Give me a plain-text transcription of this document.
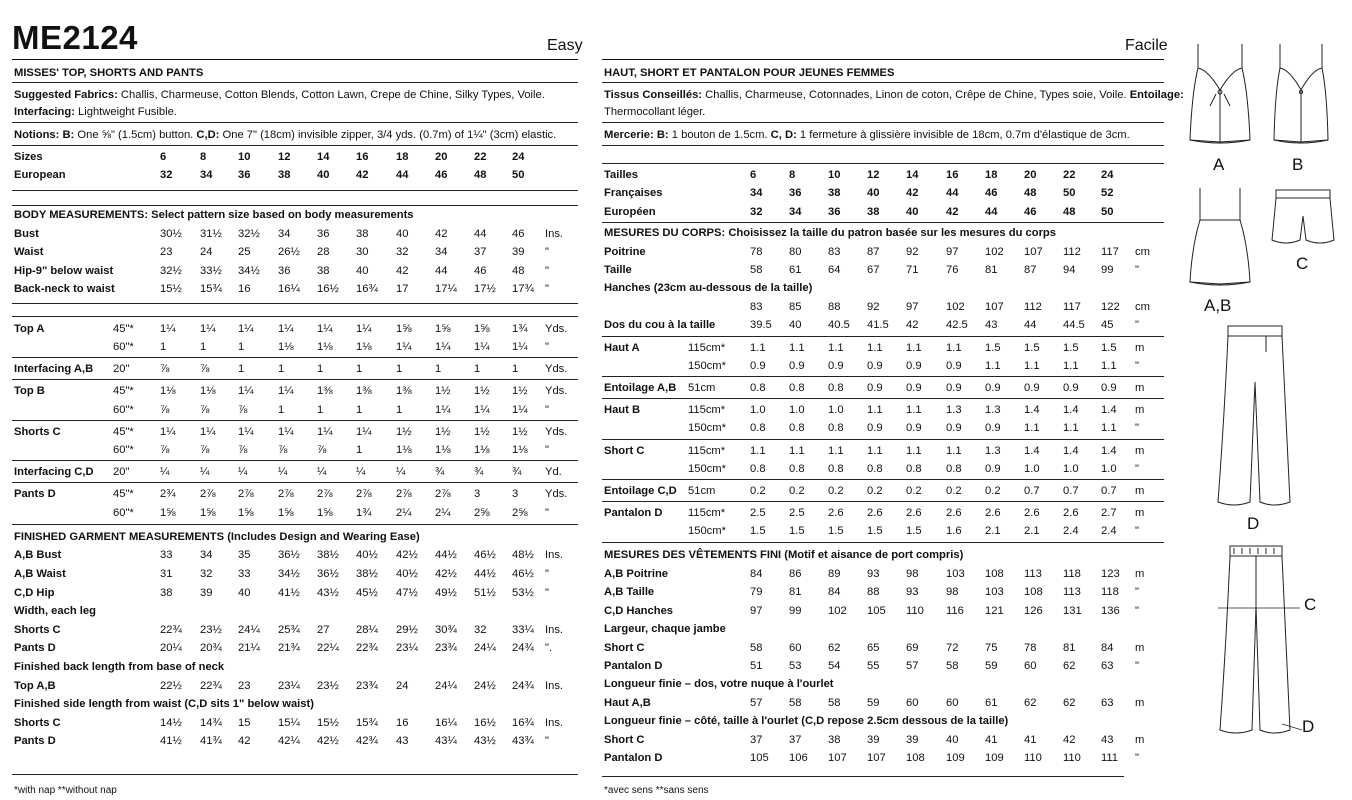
ME2124	Easy
MISSES' TOP, SHORTS AND PANTS
Suggested Fabrics: Challis, Charmeuse, Cotton Blends, Cotton Lawn, Crepe de Chine, Silky Types, Voile.
Interfacing: Lightweight Fusible.
Notions: B: One ⅝" (1.5cm) button. C,D: One 7" (18cm) invisible zipper, 3/4 yds. (0.7m) of 1¼" (3cm) elastic.
Sizes	6	8	10 12 14 16 18 20 22 24
European	32 34 36 38 40 42 44 46 48 50
BODY MEASUREMENTS: Select pattern size based on body measurements
Bust	30½ 31½ 32½ 34 36 38 40 42 44 46 Ins.
Waist	23 24 25 26½ 28 30 32 34 37 39 "
Hip-9" below waist	32½ 33½ 34½ 36 38 40 42 44 46 48 "
Back-neck to waist	15½ 15¾ 16 16¼ 16½ 16¾ 17 17¼ 17½ 17¾ "
Top A	45"* 1¼ 1¼ 1¼ 1¼ 1¼ 1¼ 1⅝ 1⅝ 1⅝ 1¾ Yds.
60"* 1	1	1	1⅛ 1⅛ 1⅛ 1¼ 1¼ 1¼ 1¼ "
Interfacing A,B 20"	⅞	⅞	1	1	1	1	1	1	1	1 Yds.
Top B	45"* 1⅛ 1⅛ 1¼ 1¼ 1⅜ 1⅜ 1⅜ 1½ 1½ 1½ Yds.
60"* ⅞	⅞	⅞	1	1	1	1	1¼ 1¼ 1¼ "
Shorts C	45"* 1¼ 1¼ 1¼ 1¼ 1¼ 1¼ 1½ 1½ 1½ 1½ Yds.
60"* ⅞	⅞	⅞	⅞	⅞	1	1⅛ 1⅛ 1⅛ 1⅛ "
Interfacing C,D 20"	¼	¼	¼	¼	¼	¼	¼	¾	¾	¾ Yd.
Pants D	45"* 2¾ 2⅞ 2⅞ 2⅞ 2⅞ 2⅞ 2⅞ 2⅞ 3	3 Yds.
60"* 1⅝ 1⅝ 1⅝ 1⅝ 1⅝ 1¾ 2¼ 2¼ 2⅝ 2⅝ "
FINISHED GARMENT MEASUREMENTS (Includes Design and Wearing Ease)
A,B Bust	33 34 35 36½ 38½ 40½ 42½ 44½ 46½ 48½ Ins.
A,B Waist	31 32 33 34½ 36½ 38½ 40½ 42½ 44½ 46½ "
C,D Hip	38 39 40 41½ 43½ 45½ 47½ 49½ 51½ 53½ "
Width, each leg
Shorts C	22¾ 23½ 24¼ 25¾ 27 28¼ 29½ 30¾ 32 33¼ Ins.
Pants D	20¼ 20¾ 21¼ 21¾ 22¼ 22¾ 23¼ 23¾ 24¼ 24¾ ".
Finished back length from base of neck
Top A,B	22½ 22¾ 23 23¼ 23½ 23¾ 24 24¼ 24½ 24¾ Ins.
Finished side length from waist (C,D sits 1" below waist)
Shorts C	14½ 14¾ 15 15¼ 15½ 15¾ 16 16¼ 16½ 16¾ Ins.
Pants D	41½ 41¾ 42 42¼ 42½ 42¾ 43 43¼ 43½ 43¾ "
*with nap **without nap
Facile
HAUT, SHORT ET PANTALON POUR JEUNES FEMMES
Tissus Conseillés: Challis, Charmeuse, Cotonnades, Linon de coton, Crêpe de Chine, Types soie, Voile. Entoilage:
Thermocollant léger.
Mercerie: B: 1 bouton de 1.5cm. C, D: 1 fermeture à glissière invisible de 18cm, 0.7m d'élastique de 3cm.
Tailles	6	8	10 12 14 16 18 20 22 24
Françaises	34 36 38 40 42 44 46 48 50 52
Européen	32 34 36 38 40 42 44 46 48 50
MESURES DU CORPS: Choisissez la taille du patron basée sur les mesures du corps
Poitrine	78 80 83 87 92 97 102 107 112 117 cm
Taille	58 61 64 67 71 76 81 87 94 99 "
Hanches (23cm au-dessous de la taille)
83 85 88 92 97 102 107 112 117 122 cm
Dos du cou à la taille	39.5 40 40.5 41.5 42 42.5 43 44 44.5 45 "
Haut A	115cm* 1.1 1.1 1.1 1.1 1.1 1.1 1.5 1.5 1.5 1.5 m
150cm* 0.9 0.9 0.9 0.9 0.9 0.9 1.1 1.1 1.1 1.1 "
Entoilage A,B 51cm	0.8 0.8 0.8 0.9 0.9 0.9 0.9 0.9 0.9 0.9 m
Haut B	115cm* 1.0 1.0 1.0 1.1 1.1 1.3 1.3 1.4 1.4 1.4 m
150cm* 0.8 0.8 0.8 0.9 0.9 0.9 0.9 1.1 1.1 1.1 "
Short C	115cm* 1.1 1.1 1.1 1.1 1.1 1.1 1.3 1.4 1.4 1.4 m
150cm* 0.8 0.8 0.8 0.8 0.8 0.8 0.9 1.0 1.0 1.0 "
Entoilage C,D 51cm	0.2 0.2 0.2 0.2 0.2 0.2 0.2 0.7 0.7 0.7 m
Pantalon D 115cm* 2.5 2.5 2.6 2.6 2.6 2.6 2.6 2.6 2.6 2.7 m
150cm* 1.5 1.5 1.5 1.5 1.5 1.6 2.1 2.1 2.4 2.4 "
MESURES DES VÊTEMENTS FINI (Motif et aisance de port compris)
A,B Poitrine	84 86 89 93 98 103 108 113 118 123 m
A,B Taille	79 81 84 88 93 98 103 108 113 118 "
C,D Hanches	97 99 102 105 110 116 121 126 131 136 "
Largeur, chaque jambe
Short C	58 60 62 65 69 72 75 78 81 84 m
Pantalon D	51 53 54 55 57 58 59 60 62 63 "
Longueur finie – dos, votre nuque à l'ourlet
Haut A,B	57 58 58 59 60 60 61 62 62 63 m
Longueur finie – côté, taille à l'ourlet (C,D repose 2.5cm dessous de la taille)
Short C	37 37 38 39 39 40 41 41 42 43 m
Pantalon D	105 106 107 107 108 109 109 110 110 111 "
*avec sens **sans sens
A	B
A,B
C
D
C
D
